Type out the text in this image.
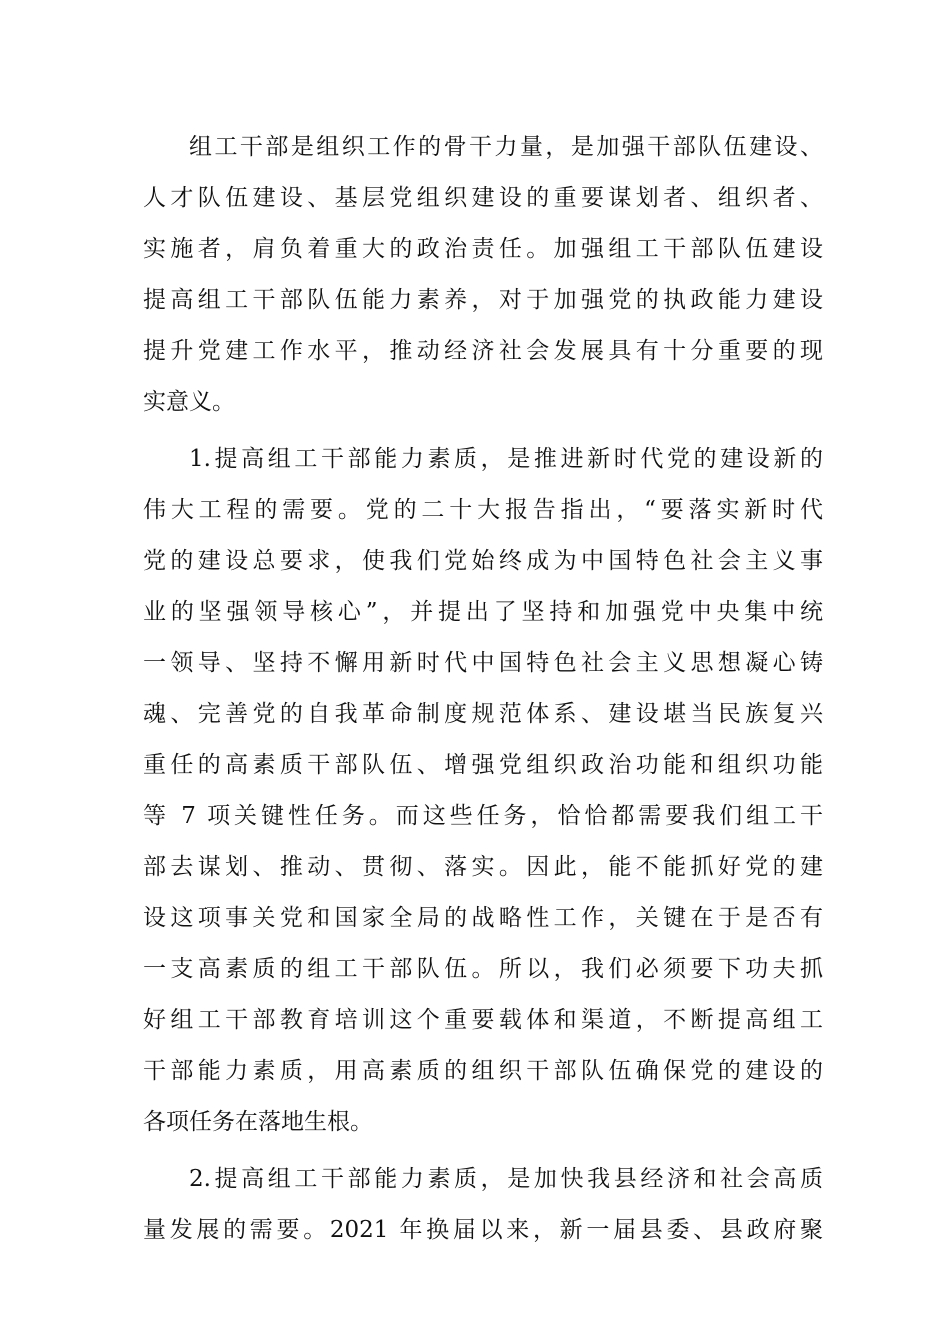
组工干部是组织工作的骨干力量，是加强干部队伍建设、
人才队伍建设、基层党组织建设的重要谋划者、组织者、
实施者，肩负着重大的政治责任。加强组工干部队伍建设
提高组工干部队伍能力素养，对于加强党的执政能力建设
提升党建工作水平，推动经济社会发展具有十分重要的现
实意义。
1.提高组工干部能力素质，是推进新时代党的建设新的
伟大工程的需要。党的二十大报告指出，“要落实新时代
党的建设总要求，使我们党始终成为中国特色社会主义事
业的坚强领导核心”，并提出了坚持和加强党中央集中统
一领导、坚持不懈用新时代中国特色社会主义思想凝心铸
魂、完善党的自我革命制度规范体系、建设堪当民族复兴
重任的高素质干部队伍、增强党组织政治功能和组织功能
等 7 项关键性任务。而这些任务，恰恰都需要我们组工干
部去谋划、推动、贯彻、落实。因此，能不能抓好党的建
设这项事关党和国家全局的战略性工作，关键在于是否有
一支高素质的组工干部队伍。所以，我们必须要下功夫抓
好组工干部教育培训这个重要载体和渠道，不断提高组工
干部能力素质，用高素质的组织干部队伍确保党的建设的
各项任务在落地生根。
2.提高组工干部能力素质，是加快我县经济和社会高质
量发展的需要。2021 年换届以来，新一届县委、县政府聚
